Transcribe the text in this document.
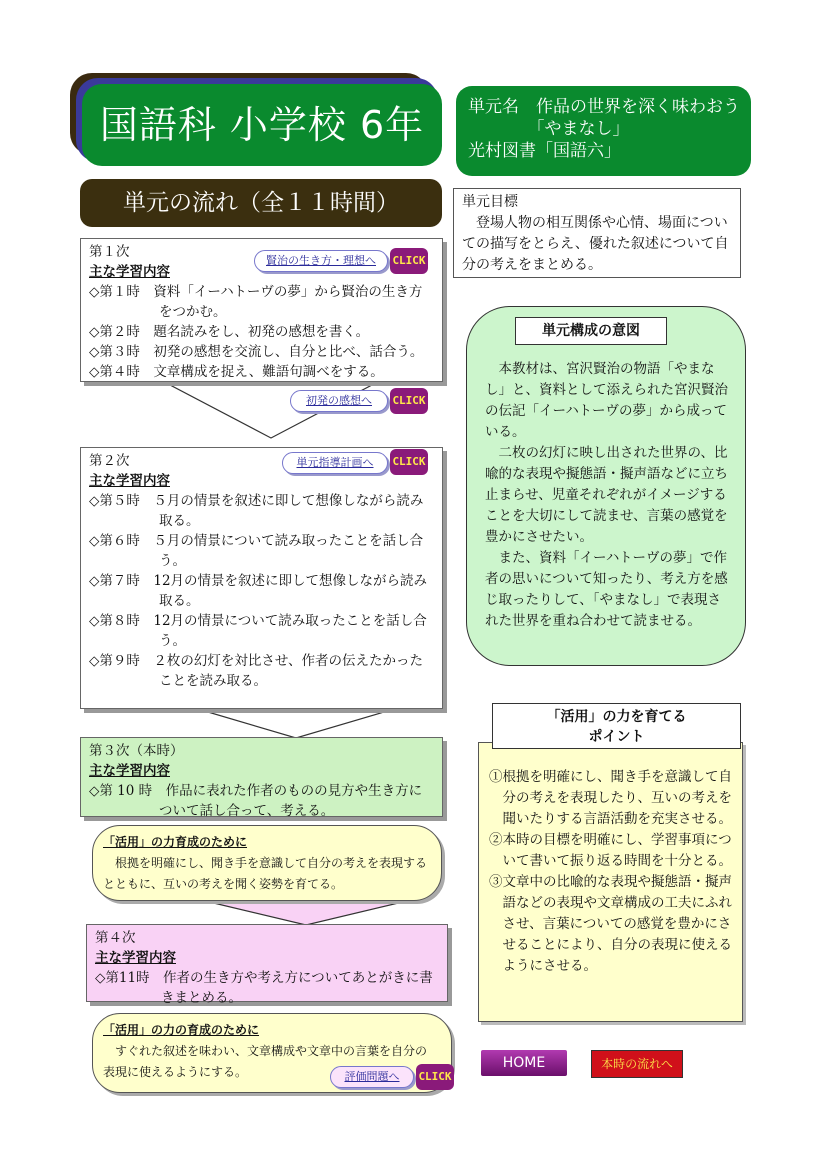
国語科 小学校 6年	単元名　作品の世界を深く味わおう
　　　　「やまなし」
光村図書「国語六」
単元の流れ（全１１時間）	単元目標
登場人物の相互関係や心情、場面についての描写をとらえ、優れた叙述について自分の考えをまとめる。
第１次
主な学習内容
◇第１時　資料「イーハトーヴの夢」から賢治の生き方をつかむ。
◇第２時　題名読みをし、初発の感想を書く。
◇第３時　初発の感想を交流し、自分と比べ、話合う。
◇第４時　文章構成を捉え、難語句調べをする。
賢治の生き方・理想へ	CLICK
初発の感想へ	CLICK
第２次
主な学習内容
◇第５時　５月の情景を叙述に即して想像しながら読み取る。
◇第６時　５月の情景について読み取ったことを話し合う。
◇第７時　12月の情景を叙述に即して想像しながら読み取る。
◇第８時　12月の情景について読み取ったことを話し合う。
◇第９時　２枚の幻灯を対比させ、作者の伝えたかったことを読み取る。
単元指導計画へ	CLICK
第３次（本時）
主な学習内容
◇第 10 時　作品に表れた作者のものの見方や生き方について話し合って、考える。
「活用」の力育成のために
根拠を明確にし、聞き手を意識して自分の考えを表現するとともに、互いの考えを聞く姿勢を育てる。
第４次
主な学習内容
◇第11時　作者の生き方や考え方についてあとがきに書きまとめる。
「活用」の力の育成のために
すぐれた叙述を味わい、文章構成や文章中の言葉を自分の表現に使えるようにする。	評価問題へ	CLICK

本教材は、宮沢賢治の物語「やまなし」と、資料として添えられた宮沢賢治の伝記「イーハトーヴの夢」から成っている。

二枚の幻灯に映し出された世界の、比喩的な表現や擬態語・擬声語などに立ち止まらせ、児童それぞれがイメージすることを大切にして読ませ、言葉の感覚を豊かにさせたい。

また、資料「イーハトーヴの夢」で作者の思いについて知ったり、考え方を感じ取ったりして、「やまなし」で表現された世界を重ね合わせて読ませる。

単元構成の意図
①根拠を明確にし、聞き手を意識して自分の考えを表現したり、互いの考えを聞いたりする言語活動を充実させる。
②本時の目標を明確にし、学習事項について書いて振り返る時間を十分とる。
③文章中の比喩的な表現や擬態語・擬声語などの表現や文章構成の工夫にふれさせ、言葉についての感覚を豊かにさせることにより、自分の表現に使えるようにさせる。
「活用」の力を育てる
ポイント
HOME	本時の流れへ
